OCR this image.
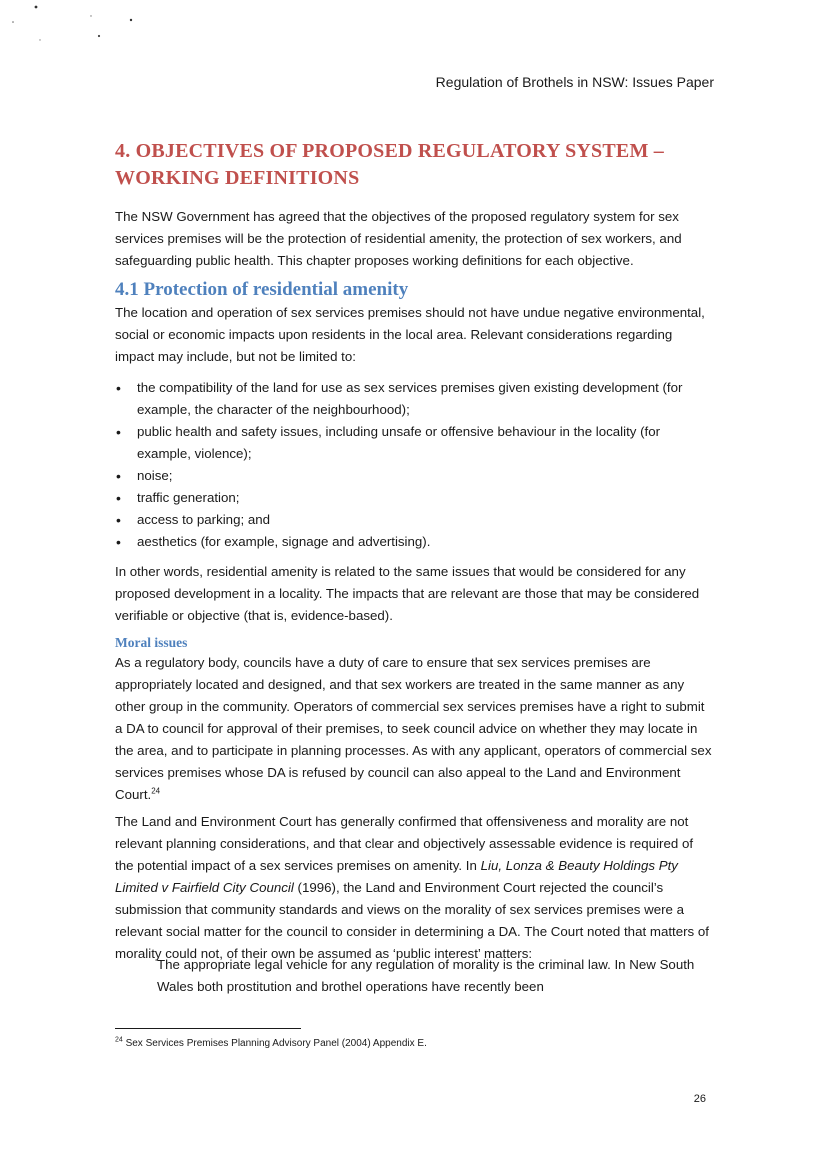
Regulation of Brothels in NSW: Issues Paper
4. OBJECTIVES OF PROPOSED REGULATORY SYSTEM – WORKING DEFINITIONS

The NSW Government has agreed that the objectives of the proposed regulatory system for sex services premises will be the protection of residential amenity, the protection of sex workers, and safeguarding public health. This chapter proposes working definitions for each objective.

4.1 Protection of residential amenity

The location and operation of sex services premises should not have undue negative environmental, social or economic impacts upon residents in the local area. Relevant considerations regarding impact may include, but not be limited to:

• the compatibility of the land for use as sex services premises given existing development (for example, the character of the neighbourhood);
• public health and safety issues, including unsafe or offensive behaviour in the locality (for example, violence);
• noise;
• traffic generation;
• access to parking; and
• aesthetics (for example, signage and advertising).

In other words, residential amenity is related to the same issues that would be considered for any proposed development in a locality. The impacts that are relevant are those that may be considered verifiable or objective (that is, evidence-based).

Moral issues

As a regulatory body, councils have a duty of care to ensure that sex services premises are appropriately located and designed, and that sex workers are treated in the same manner as any other group in the community. Operators of commercial sex services premises have a right to submit a DA to council for approval of their premises, to seek council advice on whether they may locate in the area, and to participate in planning processes. As with any applicant, operators of commercial sex services premises whose DA is refused by council can also appeal to the Land and Environment Court.$^{24}$

The Land and Environment Court has generally confirmed that offensiveness and morality are not relevant planning considerations, and that clear and objectively assessable evidence is required of the potential impact of a sex services premises on amenity. In Liu, Lonza & Beauty Holdings Pty Limited v Fairfield City Council (1996), the Land and Environment Court rejected the council’s submission that community standards and views on the morality of sex services premises were a relevant social matter for the council to consider in determining a DA. The Court noted that matters of morality could not, of their own be assumed as ‘public interest’ matters:

The appropriate legal vehicle for any regulation of morality is the criminal law. In New South Wales both prostitution and brothel operations have recently been

$^{24}$ Sex Services Premises Planning Advisory Panel (2004) Appendix E.

26
